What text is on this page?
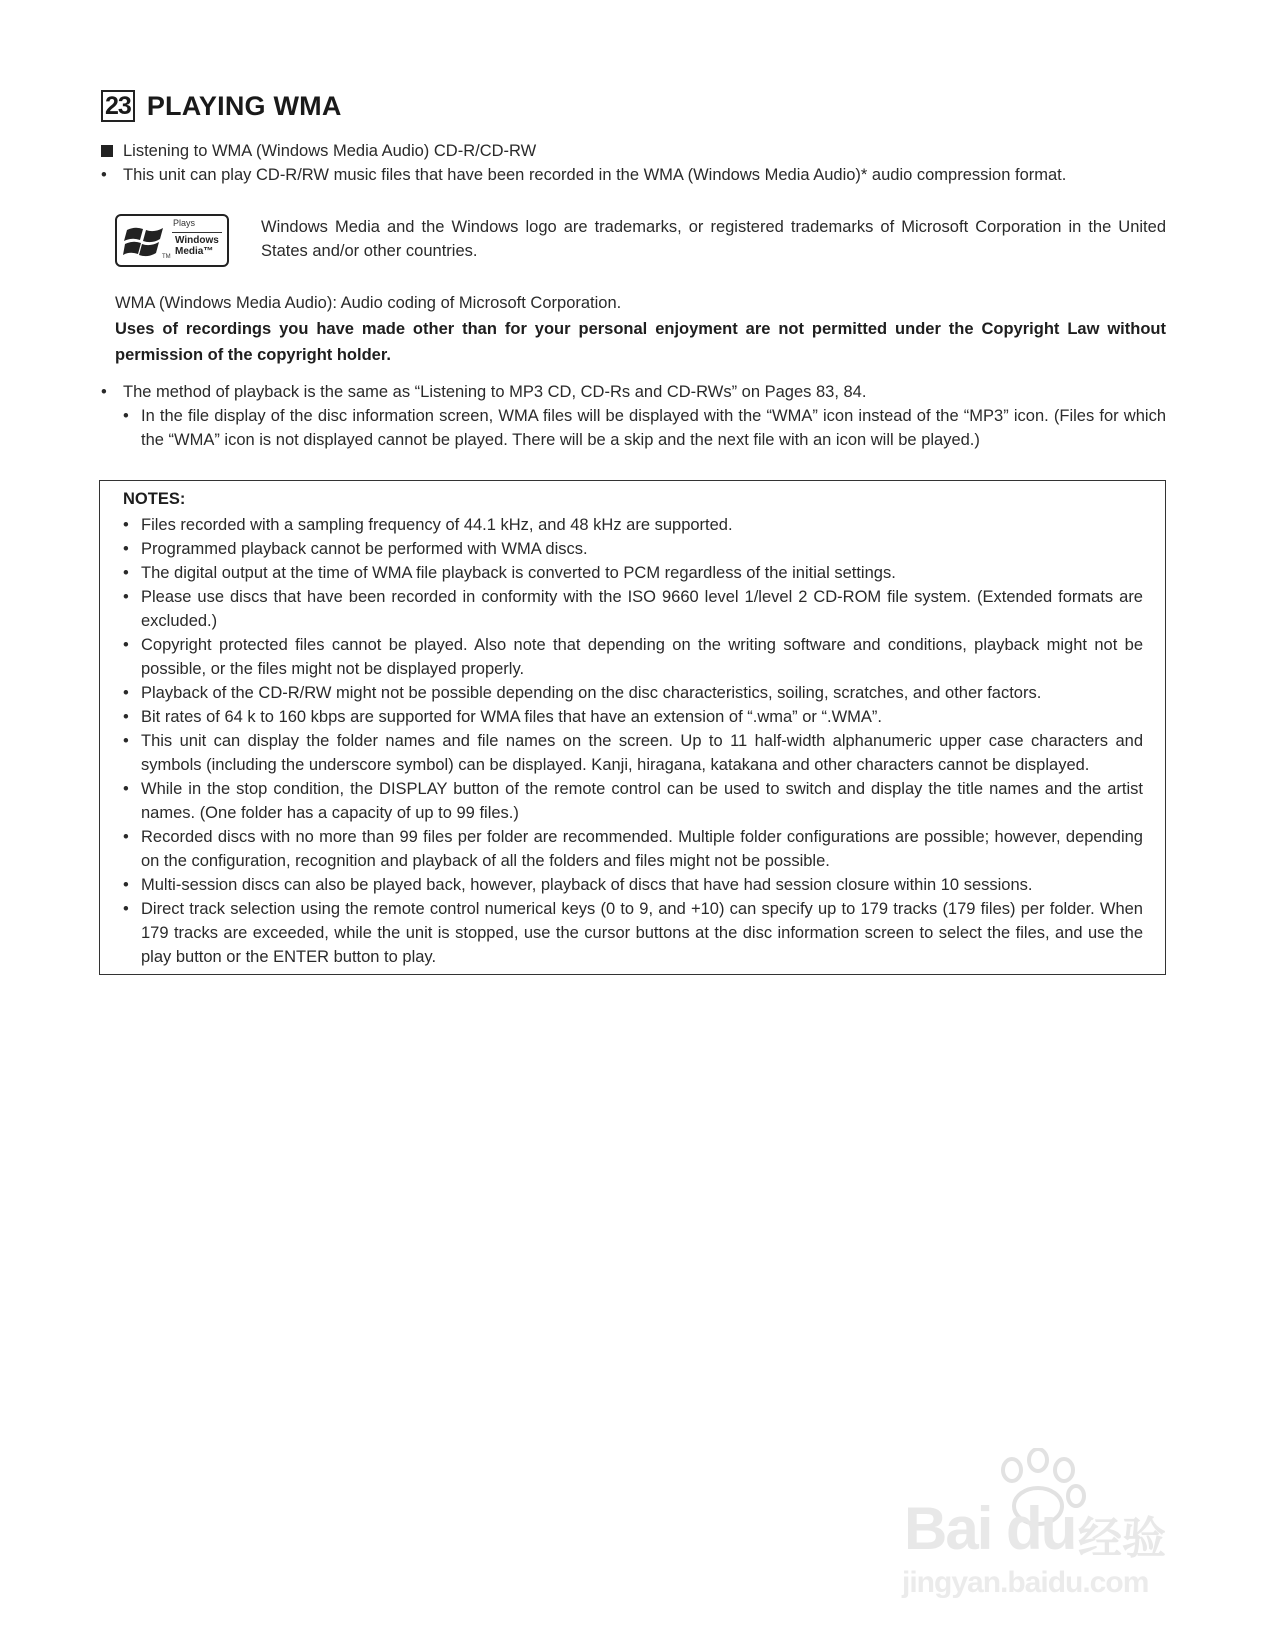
23 PLAYING WMA
Listening to WMA (Windows Media Audio) CD-R/CD-RW
• This unit can play CD-R/RW music files that have been recorded in the WMA (Windows Media Audio)* audio compression format.
Plays
Windows
Media™
TM
Windows Media and the Windows logo are trademarks, or registered trademarks of Microsoft Corporation in the United States and/or other countries.
WMA (Windows Media Audio): Audio coding of Microsoft Corporation.
Uses of recordings you have made other than for your personal enjoyment are not permitted under the Copyright Law without permission of the copyright holder.
• The method of playback is the same as “Listening to MP3 CD, CD-Rs and CD-RWs” on Pages 83, 84.
• In the file display of the disc information screen, WMA files will be displayed with the “WMA” icon instead of the “MP3” icon. (Files for which the “WMA” icon is not displayed cannot be played. There will be a skip and the next file with an icon will be played.)
NOTES:
• Files recorded with a sampling frequency of 44.1 kHz, and 48 kHz are supported.
• Programmed playback cannot be performed with WMA discs.
• The digital output at the time of WMA file playback is converted to PCM regardless of the initial settings.
• Please use discs that have been recorded in conformity with the ISO 9660 level 1/level 2 CD-ROM file system. (Extended formats are excluded.)
• Copyright protected files cannot be played. Also note that depending on the writing software and conditions, playback might not be possible, or the files might not be displayed properly.
• Playback of the CD-R/RW might not be possible depending on the disc characteristics, soiling, scratches, and other factors.
• Bit rates of 64 k to 160 kbps are supported for WMA files that have an extension of “.wma” or “.WMA”.
• This unit can display the folder names and file names on the screen. Up to 11 half-width alphanumeric upper case characters and symbols (including the underscore symbol) can be displayed. Kanji, hiragana, katakana and other characters cannot be displayed.
• While in the stop condition, the DISPLAY button of the remote control can be used to switch and display the title names and the artist names. (One folder has a capacity of up to 99 files.)
• Recorded discs with no more than 99 files per folder are recommended. Multiple folder configurations are possible; however, depending on the configuration, recognition and playback of all the folders and files might not be possible.
• Multi-session discs can also be played back, however, playback of discs that have had session closure within 10 sessions.
• Direct track selection using the remote control numerical keys (0 to 9, and +10) can specify up to 179 tracks (179 files) per folder. When 179 tracks are exceeded, while the unit is stopped, use the cursor buttons at the disc information screen to select the files, and use the play button or the ENTER button to play.
Bai du 经验
jingyan.baidu.com
